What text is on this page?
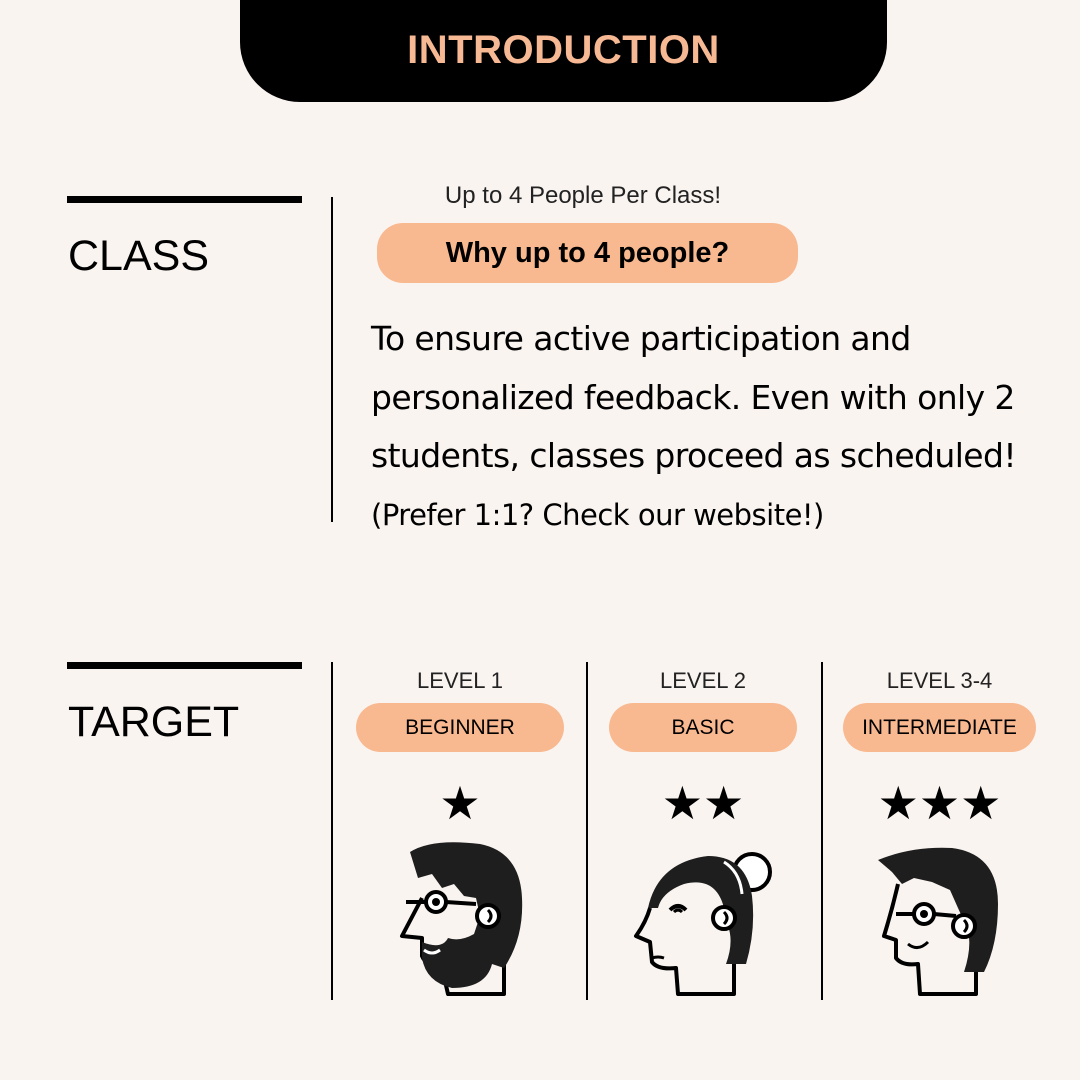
INTRODUCTION
CLASS
Up to 4 People Per Class!
Why up to 4 people?
To ensure active participation and
personalized feedback. Even with only 2
students, classes proceed as scheduled!
(Prefer 1:1? Check our website!)
TARGET
LEVEL 1
BEGINNER
★
LEVEL 2
BASIC
★★
LEVEL 3-4
INTERMEDIATE
★★★
